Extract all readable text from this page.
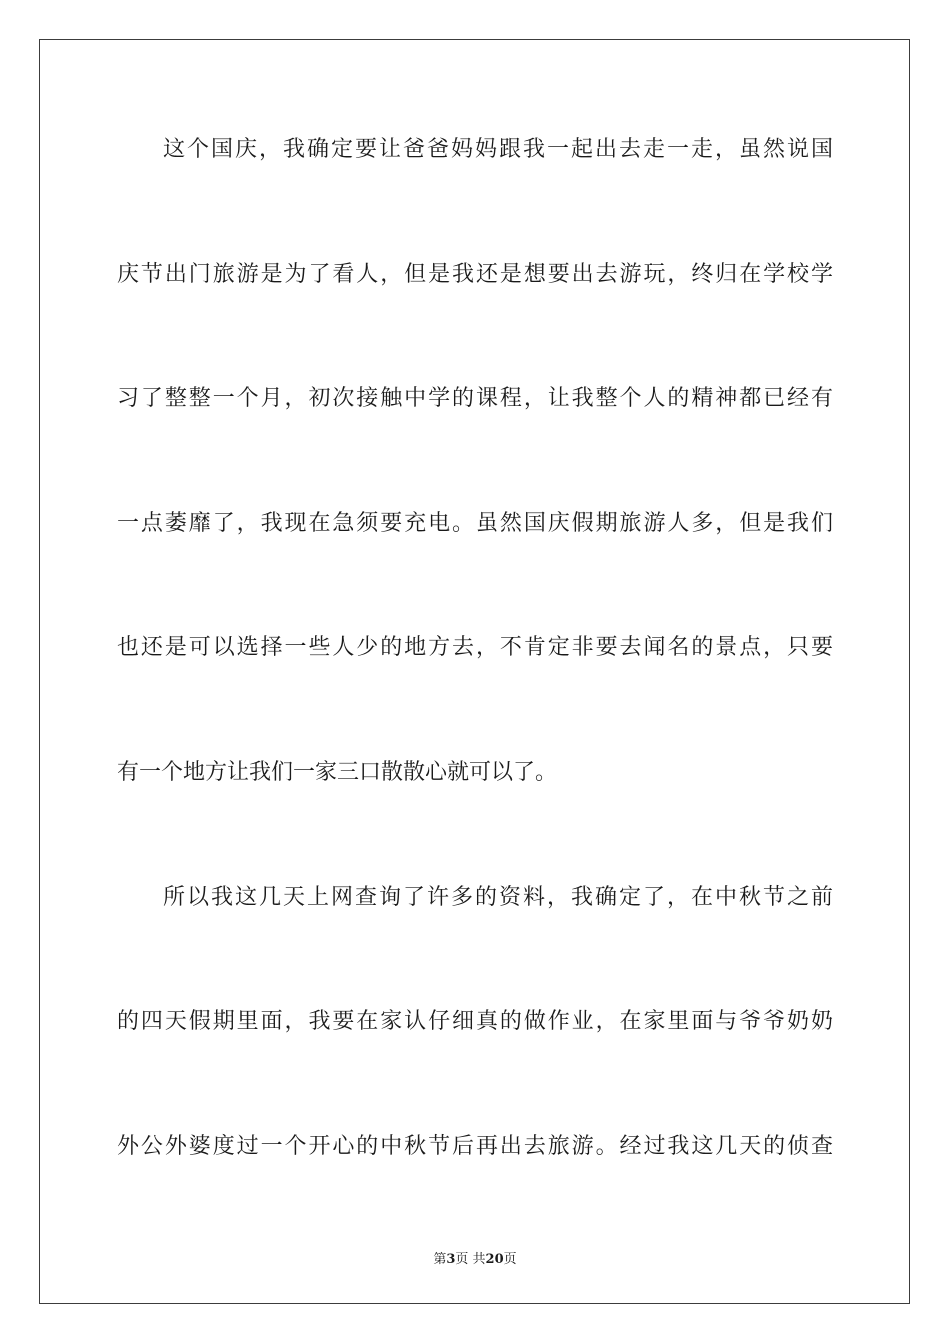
这个国庆，我确定要让爸爸妈妈跟我一起出去走一走，虽然说国
庆节出门旅游是为了看人，但是我还是想要出去游玩，终归在学校学
习了整整一个月，初次接触中学的课程，让我整个人的精神都已经有
一点萎靡了，我现在急须要充电。虽然国庆假期旅游人多，但是我们
也还是可以选择一些人少的地方去，不肯定非要去闻名的景点，只要
有一个地方让我们一家三口散散心就可以了。
所以我这几天上网查询了许多的资料，我确定了，在中秋节之前
的四天假期里面，我要在家认仔细真的做作业，在家里面与爷爷奶奶
外公外婆度过一个开心的中秋节后再出去旅游。经过我这几天的侦查
第3页 共20页
